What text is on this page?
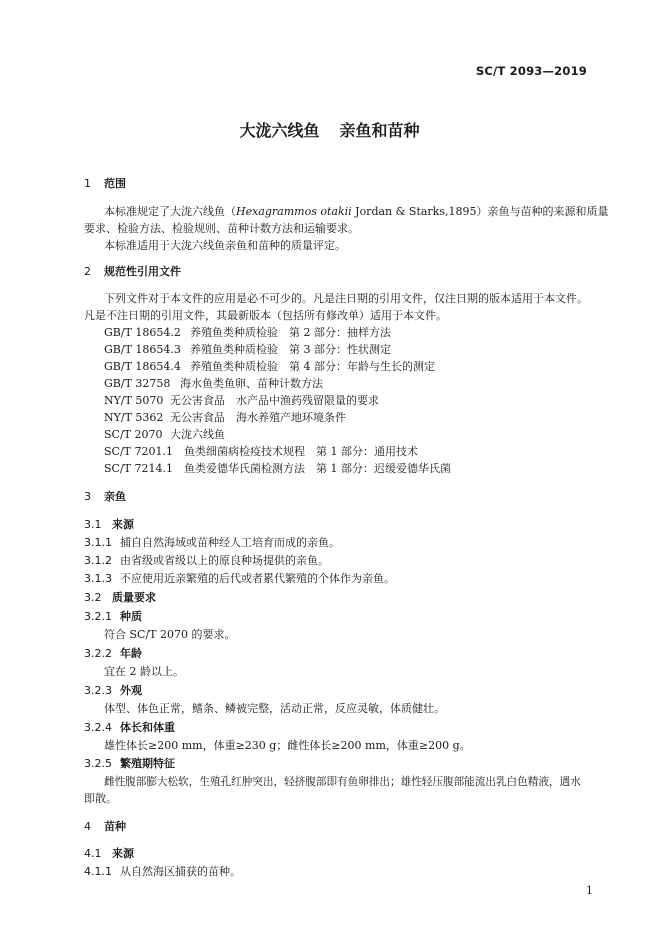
SC/T 2093—2019
大泷六线鱼 亲鱼和苗种
1 范围
本标准规定了大泷六线鱼（Hexagrammos otakii Jordan & Starks,1895）亲鱼与苗种的来源和质量
要求、检验方法、检验规则、苗种计数方法和运输要求。
本标准适用于大泷六线鱼亲鱼和苗种的质量评定。
2 规范性引用文件
下列文件对于本文件的应用是必不可少的。凡是注日期的引用文件，仅注日期的版本适用于本文件。
凡是不注日期的引用文件，其最新版本（包括所有修改单）适用于本文件。
GB/T 18654.2 养殖鱼类种质检验　第 2 部分：抽样方法
GB/T 18654.3 养殖鱼类种质检验　第 3 部分：性状测定
GB/T 18654.4 养殖鱼类种质检验　第 4 部分：年龄与生长的测定
GB/T 32758 海水鱼类鱼卵、苗种计数方法
NY/T 5070 无公害食品　水产品中渔药残留限量的要求
NY/T 5362 无公害食品　海水养殖产地环境条件
SC/T 2070 大泷六线鱼
SC/T 7201.1 鱼类细菌病检疫技术规程　第 1 部分：通用技术
SC/T 7214.1 鱼类爱德华氏菌检测方法　第 1 部分：迟缓爱德华氏菌
3 亲鱼
3.1 来源
3.1.1 捕自自然海域或苗种经人工培育而成的亲鱼。
3.1.2 由省级或省级以上的原良种场提供的亲鱼。
3.1.3 不应使用近亲繁殖的后代或者累代繁殖的个体作为亲鱼。
3.2 质量要求
3.2.1 种质
符合 SC/T 2070 的要求。
3.2.2 年龄
宜在 2 龄以上。
3.2.3 外观
体型、体色正常，鳍条、鳞被完整，活动正常，反应灵敏，体质健壮。
3.2.4 体长和体重
雄性体长≥200 mm，体重≥230 g；雌性体长≥200 mm，体重≥200 g。
3.2.5 繁殖期特征
雌性腹部膨大松软，生殖孔红肿突出，轻挤腹部即有鱼卵排出；雄性轻压腹部能流出乳白色精液，遇水
即散。
4 苗种
4.1 来源
4.1.1 从自然海区捕获的苗种。
1
